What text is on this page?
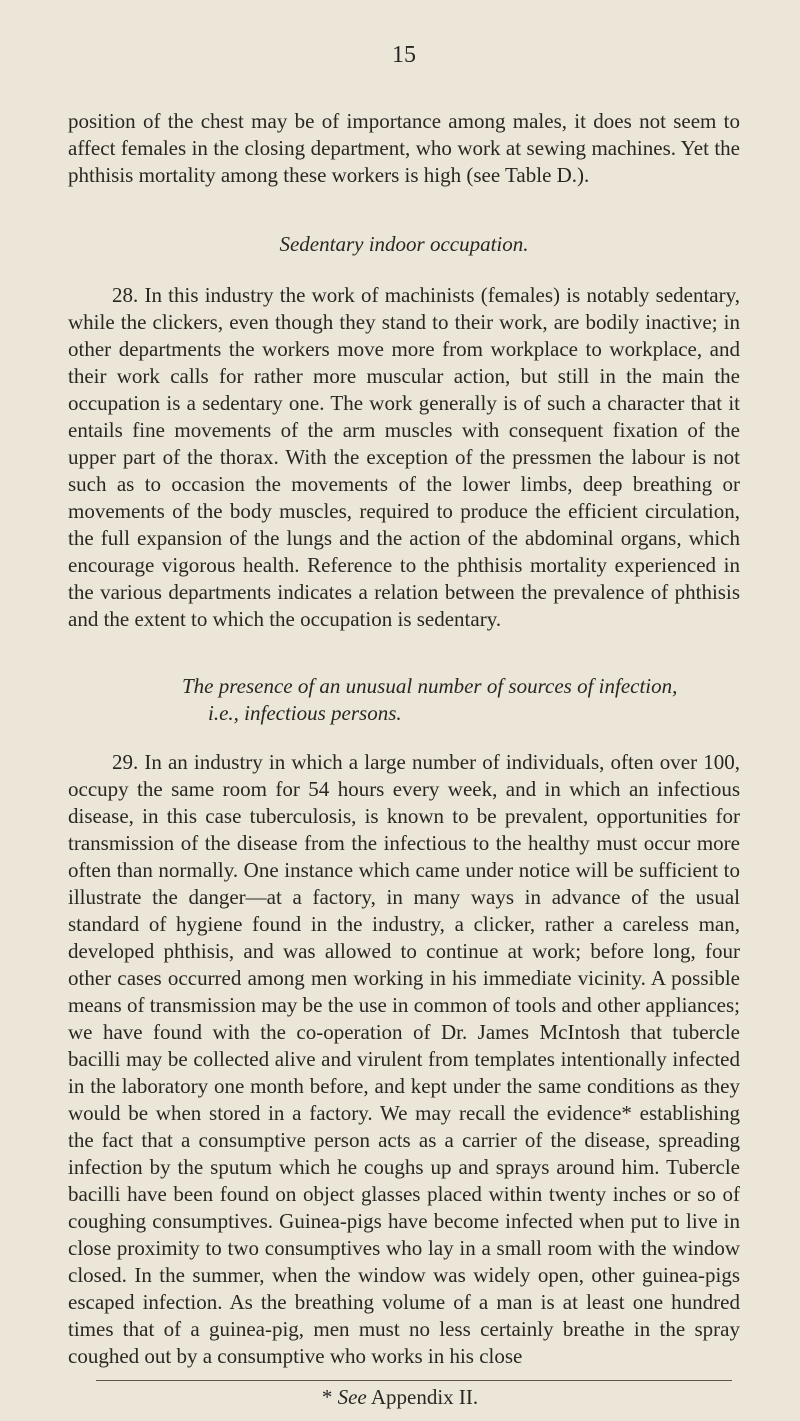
15

position of the chest may be of importance among males, it does not seem to affect females in the closing department, who work at sewing machines. Yet the phthisis mortality among these workers is high (see Table D.).

Sedentary indoor occupation.

28. In this industry the work of machinists (females) is notably sedentary, while the clickers, even though they stand to their work, are bodily inactive; in other departments the workers move more from workplace to workplace, and their work calls for rather more muscular action, but still in the main the occupation is a sedentary one. The work generally is of such a character that it entails fine movements of the arm muscles with consequent fixation of the upper part of the thorax. With the exception of the pressmen the labour is not such as to occasion the movements of the lower limbs, deep breathing or movements of the body muscles, required to produce the efficient circulation, the full expansion of the lungs and the action of the abdominal organs, which encourage vigorous health. Reference to the phthisis mortality experienced in the various departments indicates a relation between the prevalence of phthisis and the extent to which the occupation is sedentary.

The presence of an unusual number of sources of infection,
i.e., infectious persons.

29. In an industry in which a large number of individuals, often over 100, occupy the same room for 54 hours every week, and in which an infectious disease, in this case tuberculosis, is known to be prevalent, opportunities for transmission of the disease from the infectious to the healthy must occur more often than normally. One instance which came under notice will be sufficient to illustrate the danger—at a factory, in many ways in advance of the usual standard of hygiene found in the industry, a clicker, rather a careless man, developed phthisis, and was allowed to continue at work; before long, four other cases occurred among men working in his immediate vicinity. A possible means of transmission may be the use in common of tools and other appliances; we have found with the co-operation of Dr. James McIntosh that tubercle bacilli may be collected alive and virulent from templates intentionally infected in the laboratory one month before, and kept under the same conditions as they would be when stored in a factory. We may recall the evidence* establishing the fact that a consumptive person acts as a carrier of the disease, spreading infection by the sputum which he coughs up and sprays around him. Tubercle bacilli have been found on object glasses placed within twenty inches or so of coughing consumptives. Guinea-pigs have become infected when put to live in close proximity to two consumptives who lay in a small room with the window closed. In the summer, when the window was widely open, other guinea-pigs escaped infection. As the breathing volume of a man is at least one hundred times that of a guinea-pig, men must no less certainly breathe in the spray coughed out by a consumptive who works in his close

* See Appendix II.
